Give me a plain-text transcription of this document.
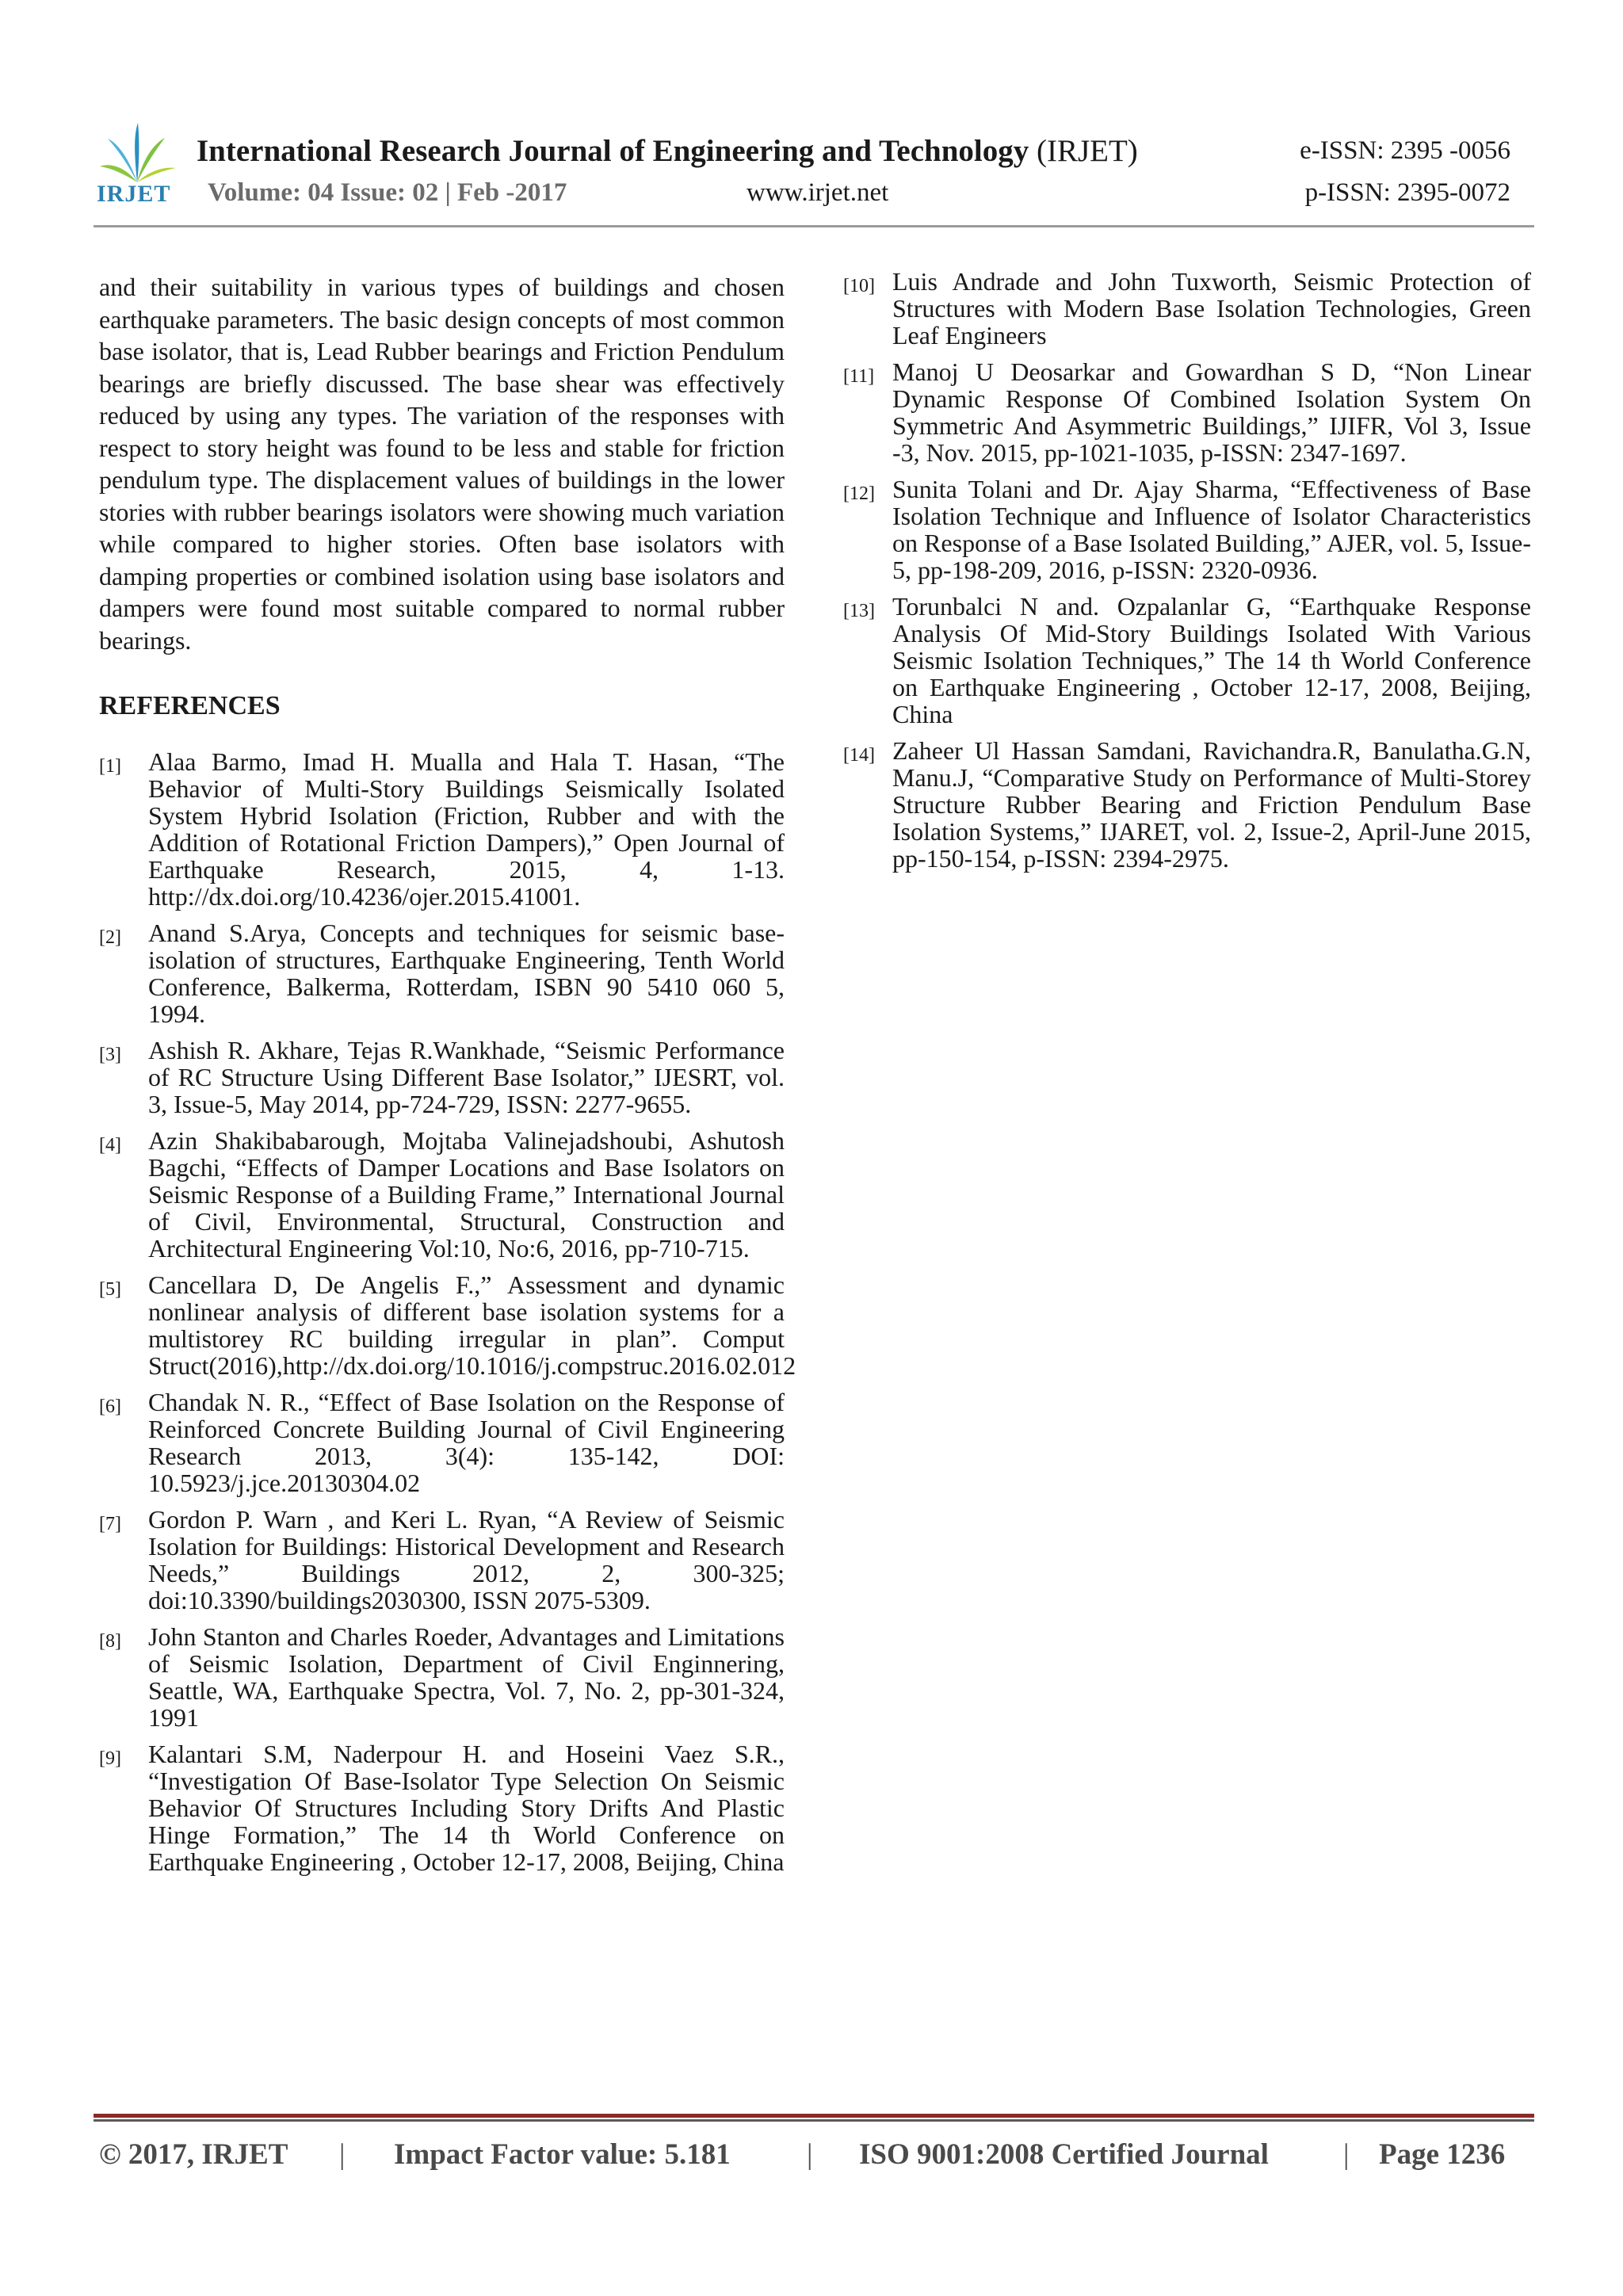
IRJET
International Research Journal of Engineering and Technology (IRJET)	e-ISSN: 2395 -0056
Volume: 04 Issue: 02 | Feb -2017	www.irjet.net	p-ISSN: 2395-0072

and their suitability in various types of buildings and chosen earthquake parameters. The basic design concepts of most common base isolator, that is, Lead Rubber bearings and Friction Pendulum bearings are briefly discussed. The base shear was effectively reduced by using any types. The variation of the responses with respect to story height was found to be less and stable for friction pendulum type. The displacement values of buildings in the lower stories with rubber bearings isolators were showing much variation while compared to higher stories. Often base isolators with damping properties or combined isolation using base isolators and dampers were found most suitable compared to normal rubber bearings.

REFERENCES
[1] Alaa Barmo, Imad H. Mualla and Hala T. Hasan, “The Behavior of Multi-Story Buildings Seismically Isolated System Hybrid Isolation (Friction, Rubber and with the Addition of Rotational Friction Dampers),” Open Journal of Earthquake Research, 2015, 4, 1-13. http://dx.doi.org/10.4236/ojer.2015.41001.
[2] Anand S.Arya, Concepts and techniques for seismic base-isolation of structures, Earthquake Engineering, Tenth World Conference, Balkerma, Rotterdam, ISBN 90 5410 060 5, 1994.
[3] Ashish R. Akhare, Tejas R.Wankhade, “Seismic Performance of RC Structure Using Different Base Isolator,” IJESRT, vol. 3, Issue-5, May 2014, pp-724-729, ISSN: 2277-9655.
[4] Azin Shakibabarough, Mojtaba Valinejadshoubi, Ashutosh Bagchi, “Effects of Damper Locations and Base Isolators on Seismic Response of a Building Frame,” International Journal of Civil, Environmental, Structural, Construction and Architectural Engineering Vol:10, No:6, 2016, pp-710-715.
[5] Cancellara D, De Angelis F.,” Assessment and dynamic nonlinear analysis of different base isolation systems for a multistorey RC building irregular in plan”. Comput Struct(2016),http://dx.doi.org/10.1016/j.compstruc.2016.02.012
[6] Chandak N. R., “Effect of Base Isolation on the Response of Reinforced Concrete Building Journal of Civil Engineering Research 2013, 3(4): 135-142, DOI: 10.5923/j.jce.20130304.02
[7] Gordon P. Warn , and Keri L. Ryan, “A Review of Seismic Isolation for Buildings: Historical Development and Research Needs,” Buildings 2012, 2, 300-325; doi:10.3390/buildings2030300, ISSN 2075-5309.
[8] John Stanton and Charles Roeder, Advantages and Limitations of Seismic Isolation, Department of Civil Enginnering, Seattle, WA, Earthquake Spectra, Vol. 7, No. 2, pp-301-324, 1991
[9] Kalantari S.M, Naderpour H. and Hoseini Vaez S.R., “Investigation Of Base-Isolator Type Selection On Seismic Behavior Of Structures Including Story Drifts And Plastic Hinge Formation,” The 14 th World Conference on Earthquake Engineering , October 12-17, 2008, Beijing, China
[10] Luis Andrade and John Tuxworth, Seismic Protection of Structures with Modern Base Isolation Technologies, Green Leaf Engineers
[11] Manoj U Deosarkar and Gowardhan S D, “Non Linear Dynamic Response Of Combined Isolation System On Symmetric And Asymmetric Buildings,” IJIFR, Vol 3, Issue -3, Nov. 2015, pp-1021-1035, p-ISSN: 2347-1697.
[12] Sunita Tolani and Dr. Ajay Sharma, “Effectiveness of Base Isolation Technique and Influence of Isolator Characteristics on Response of a Base Isolated Building,” AJER, vol. 5, Issue-5, pp-198-209, 2016, p-ISSN: 2320-0936.
[13] Torunbalci N and. Ozpalanlar G, “Earthquake Response Analysis Of Mid-Story Buildings Isolated With Various Seismic Isolation Techniques,” The 14 th World Conference on Earthquake Engineering , October 12-17, 2008, Beijing, China
[14] Zaheer Ul Hassan Samdani, Ravichandra.R, Banulatha.G.N, Manu.J, “Comparative Study on Performance of Multi-Storey Structure Rubber Bearing and Friction Pendulum Base Isolation Systems,” IJARET, vol. 2, Issue-2, April-June 2015, pp-150-154, p-ISSN: 2394-2975.
© 2017, IRJET | Impact Factor value: 5.181	| ISO 9001:2008 Certified Journal	| Page 1236
